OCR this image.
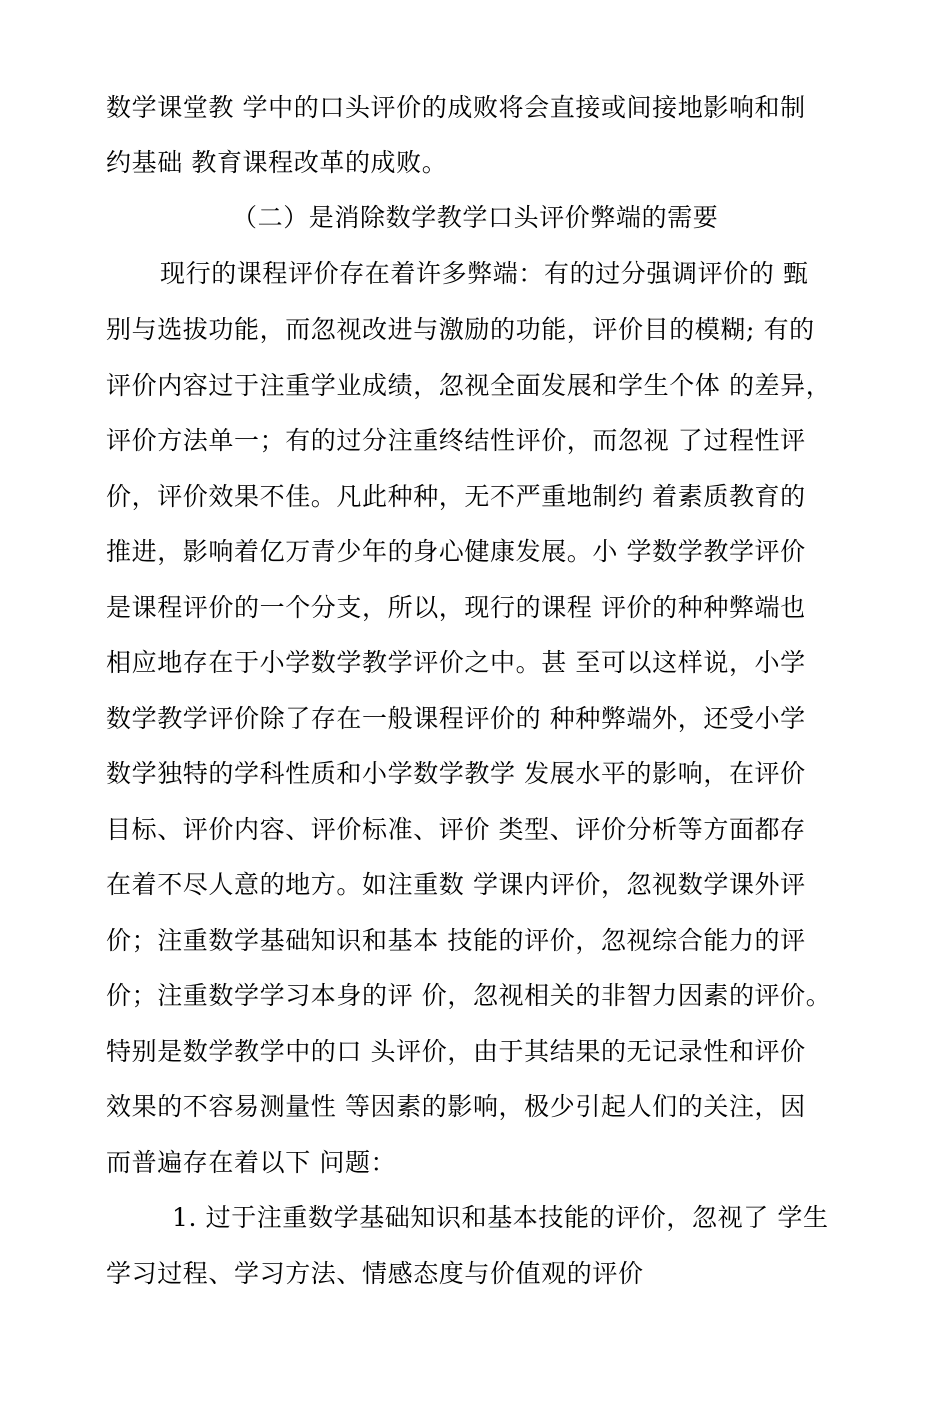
数学课堂教 学中的口头评价的成败将会直接或间接地影响和制
约基础 教育课程改革的成败。
（二）是消除数学教学口头评价弊端的需要
现行的课程评价存在着许多弊端：有的过分强调评价的 甄
别与选拔功能，而忽视改进与激励的功能，评价目的模糊; 有的
评价内容过于注重学业成绩，忽视全面发展和学生个体 的差异，
评价方法单一；有的过分注重终结性评价，而忽视 了过程性评
价，评价效果不佳。凡此种种，无不严重地制约 着素质教育的
推进，影响着亿万青少年的身心健康发展。小 学数学教学评价
是课程评价的一个分支，所以，现行的课程 评价的种种弊端也
相应地存在于小学数学教学评价之中。甚 至可以这样说，小学
数学教学评价除了存在一般课程评价的 种种弊端外，还受小学
数学独特的学科性质和小学数学教学 发展水平的影响，在评价
目标、评价内容、评价标准、评价 类型、评价分析等方面都存
在着不尽人意的地方。如注重数 学课内评价，忽视数学课外评
价；注重数学基础知识和基本 技能的评价，忽视综合能力的评
价；注重数学学习本身的评 价，忽视相关的非智力因素的评价。
特别是数学教学中的口 头评价，由于其结果的无记录性和评价
效果的不容易测量性 等因素的影响，极少引起人们的关注，因
而普遍存在着以下 问题：
1. 过于注重数学基础知识和基本技能的评价，忽视了 学生
学习过程、学习方法、情感态度与价值观的评价
